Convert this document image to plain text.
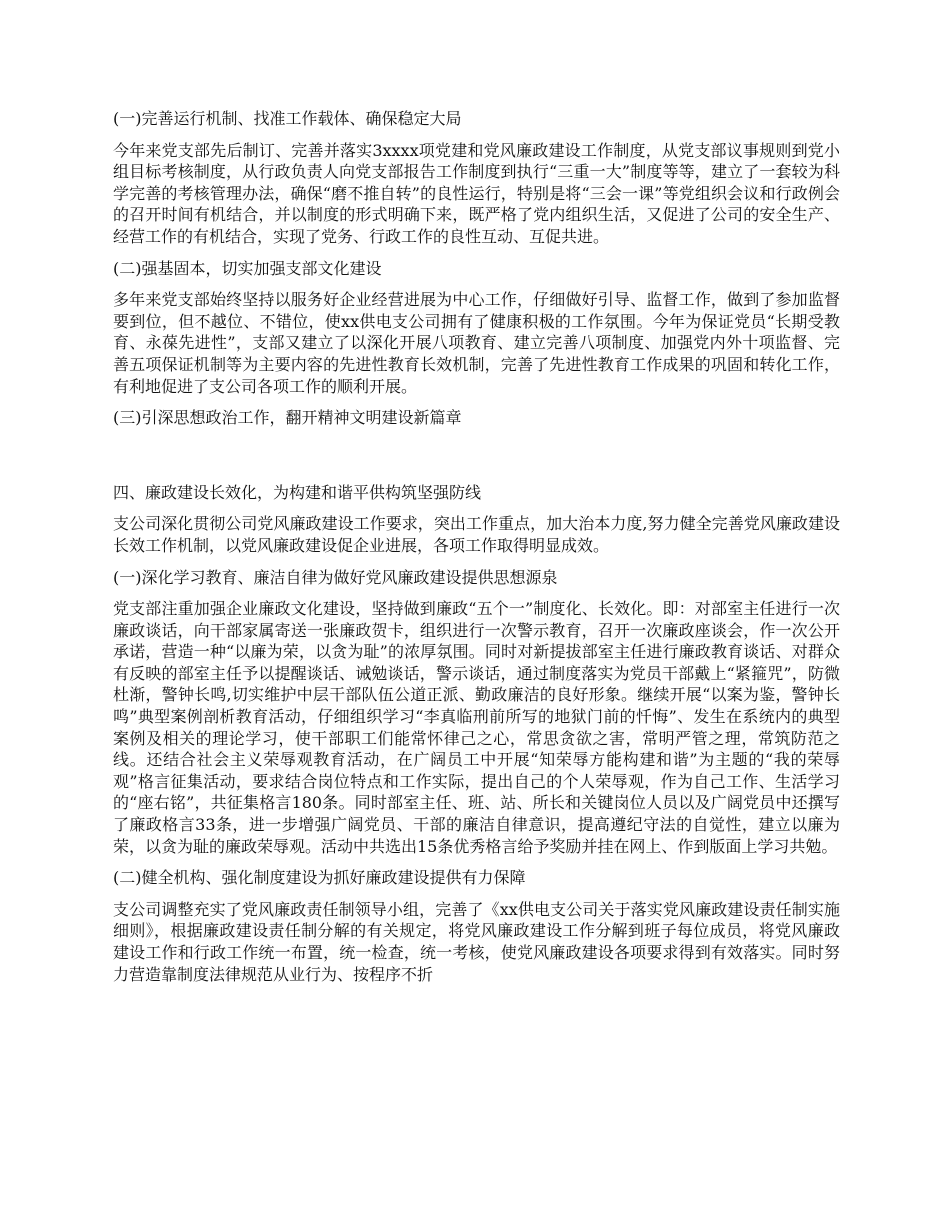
(一)完善运行机制、找准工作载体、确保稳定大局
今年来党支部先后制订、完善并落实3xxxx项党建和党风廉政建设工作制度，从党支部议事规则到党小组目标考核制度，从行政负责人向党支部报告工作制度到执行“三重一大”制度等等，建立了一套较为科学完善的考核管理办法，确保“磨不推自转”的良性运行，特别是将“三会一课”等党组织会议和行政例会的召开时间有机结合，并以制度的形式明确下来，既严格了党内组织生活，又促进了公司的安全生产、经营工作的有机结合，实现了党务、行政工作的良性互动、互促共进。
(二)强基固本，切实加强支部文化建设
多年来党支部始终坚持以服务好企业经营进展为中心工作，仔细做好引导、监督工作，做到了参加监督要到位，但不越位、不错位，使xx供电支公司拥有了健康积极的工作氛围。今年为保证党员“长期受教育、永葆先进性”，支部又建立了以深化开展八项教育、建立完善八项制度、加强党内外十项监督、完善五项保证机制等为主要内容的先进性教育长效机制，完善了先进性教育工作成果的巩固和转化工作，有利地促进了支公司各项工作的顺利开展。
(三)引深思想政治工作，翻开精神文明建设新篇章
四、廉政建设长效化，为构建和谐平供构筑坚强防线
支公司深化贯彻公司党风廉政建设工作要求，突出工作重点，加大治本力度,努力健全完善党风廉政建设长效工作机制，以党风廉政建设促企业进展，各项工作取得明显成效。
(一)深化学习教育、廉洁自律为做好党风廉政建设提供思想源泉
党支部注重加强企业廉政文化建设，坚持做到廉政“五个一”制度化、长效化。即：对部室主任进行一次廉政谈话，向干部家属寄送一张廉政贺卡，组织进行一次警示教育，召开一次廉政座谈会，作一次公开承诺，营造一种“以廉为荣，以贪为耻”的浓厚氛围。同时对新提拔部室主任进行廉政教育谈话、对群众有反映的部室主任予以提醒谈话、诫勉谈话，警示谈话，通过制度落实为党员干部戴上“紧箍咒”，防微杜渐，警钟长鸣,切实维护中层干部队伍公道正派、勤政廉洁的良好形象。继续开展“以案为鉴，警钟长鸣”典型案例剖析教育活动，仔细组织学习“李真临刑前所写的地狱门前的忏悔”、发生在系统内的典型案例及相关的理论学习，使干部职工们能常怀律己之心，常思贪欲之害，常明严管之理，常筑防范之线。还结合社会主义荣辱观教育活动，在广阔员工中开展“知荣辱方能构建和谐”为主题的“我的荣辱观”格言征集活动，要求结合岗位特点和工作实际，提出自己的个人荣辱观，作为自己工作、生活学习的“座右铭”，共征集格言180条。同时部室主任、班、站、所长和关键岗位人员以及广阔党员中还撰写了廉政格言33条，进一步增强广阔党员、干部的廉洁自律意识，提高遵纪守法的自觉性，建立以廉为荣，以贪为耻的廉政荣辱观。活动中共选出15条优秀格言给予奖励并挂在网上、作到版面上学习共勉。
(二)健全机构、强化制度建设为抓好廉政建设提供有力保障
支公司调整充实了党风廉政责任制领导小组，完善了《xx供电支公司关于落实党风廉政建设责任制实施细则》，根据廉政建设责任制分解的有关规定，将党风廉政建设工作分解到班子每位成员，将党风廉政建设工作和行政工作统一布置，统一检查，统一考核，使党风廉政建设各项要求得到有效落实。同时努力营造靠制度法律规范从业行为、按程序不折
